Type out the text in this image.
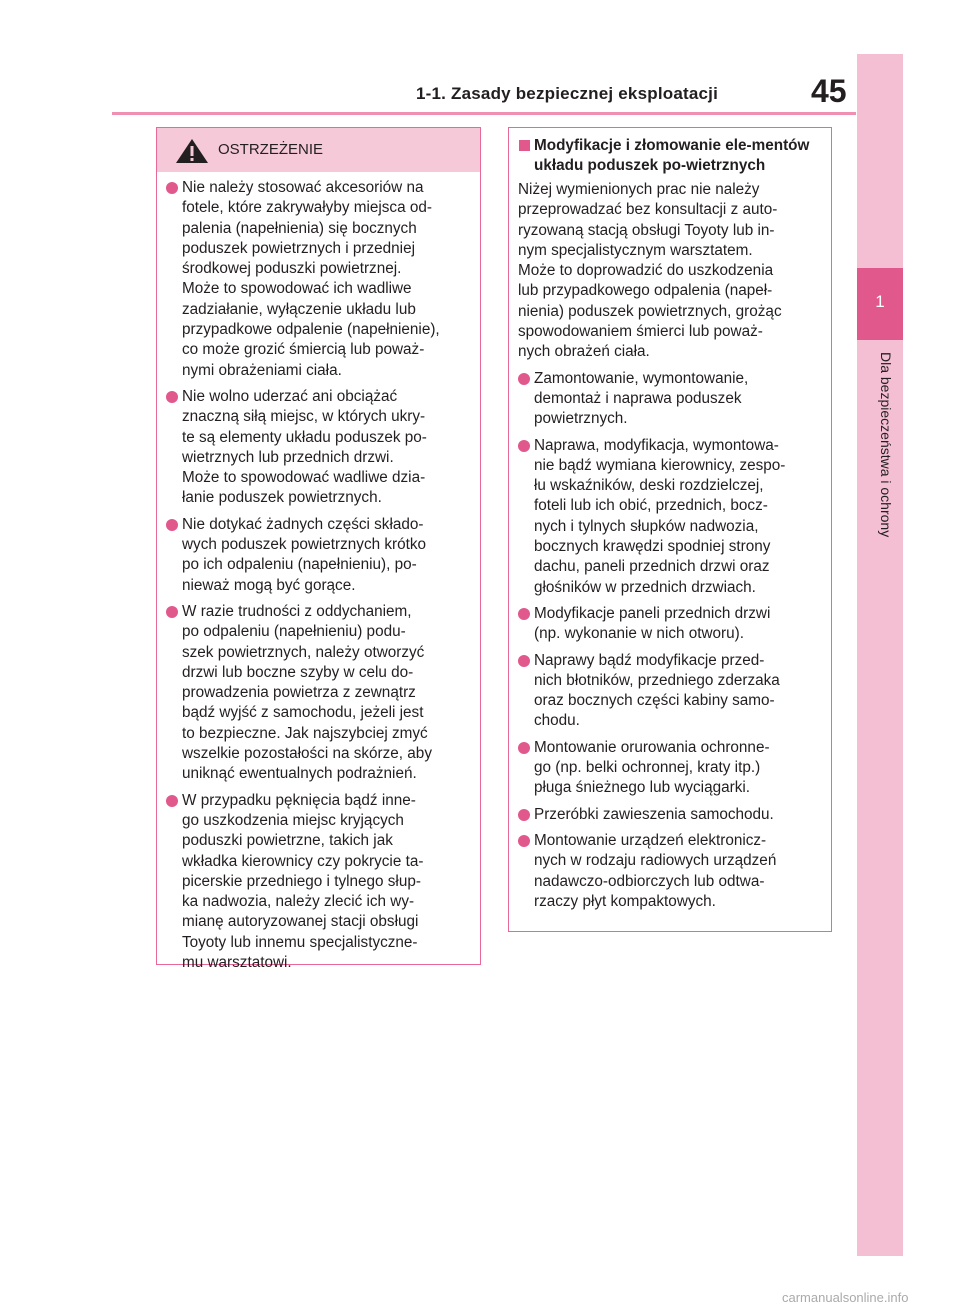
1-1. Zasady bezpiecznej eksploatacji	45
1
Dla bezpieczeństwa i ochrony
OSTRZEŻENIE
Nie należy stosować akcesoriów na
fotele, które zakrywałyby miejsca od-
palenia (napełnienia) się bocznych
poduszek powietrznych i przedniej
środkowej poduszki powietrznej.
Może to spowodować ich wadliwe
zadziałanie, wyłączenie układu lub
przypadkowe odpalenie (napełnienie),
co może grozić śmiercią lub poważ-
nymi obrażeniami ciała.
Nie wolno uderzać ani obciążać
znaczną siłą miejsc, w których ukry-
te są elementy układu poduszek po-
wietrznych lub przednich drzwi.
Może to spowodować wadliwe dzia-
łanie poduszek powietrznych.
Nie dotykać żadnych części składo-
wych poduszek powietrznych krótko
po ich odpaleniu (napełnieniu), po-
nieważ mogą być gorące.
W razie trudności z oddychaniem,
po odpaleniu (napełnieniu) podu-
szek powietrznych, należy otworzyć
drzwi lub boczne szyby w celu do-
prowadzenia powietrza z zewnątrz
bądź wyjść z samochodu, jeżeli jest
to bezpieczne. Jak najszybciej zmyć
wszelkie pozostałości na skórze, aby
uniknąć ewentualnych podrażnień.
W przypadku pęknięcia bądź inne-
go uszkodzenia miejsc kryjących
poduszki powietrzne, takich jak
wkładka kierownicy czy pokrycie ta-
picerskie przedniego i tylnego słup-
ka nadwozia, należy zlecić ich wy-
mianę autoryzowanej stacji obsługi
Toyoty lub innemu specjalistyczne-
mu warsztatowi.
Modyfikacje i złomowanie ele-mentów układu poduszek po-wietrznych
Niżej wymienionych prac nie należy
przeprowadzać bez konsultacji z auto-
ryzowaną stacją obsługi Toyoty lub in-
nym specjalistycznym warsztatem.
Może to doprowadzić do uszkodzenia
lub przypadkowego odpalenia (napeł-
nienia) poduszek powietrznych, grożąc
spowodowaniem śmierci lub poważ-
nych obrażeń ciała.
Zamontowanie, wymontowanie,
demontaż i naprawa poduszek
powietrznych.
Naprawa, modyfikacja, wymontowa-
nie bądź wymiana kierownicy, zespo-
łu wskaźników, deski rozdzielczej,
foteli lub ich obić, przednich, bocz-
nych i tylnych słupków nadwozia,
bocznych krawędzi spodniej strony
dachu, paneli przednich drzwi oraz
głośników w przednich drzwiach.
Modyfikacje paneli przednich drzwi
(np. wykonanie w nich otworu).
Naprawy bądź modyfikacje przed-
nich błotników, przedniego zderzaka
oraz bocznych części kabiny samo-
chodu.
Montowanie orurowania ochronne-
go (np. belki ochronnej, kraty itp.)
pługa śnieżnego lub wyciągarki.
Przeróbki zawieszenia samochodu.
Montowanie urządzeń elektronicz-
nych w rodzaju radiowych urządzeń
nadawczo-odbiorczych lub odtwa-
rzaczy płyt kompaktowych.
carmanualsonline.info
